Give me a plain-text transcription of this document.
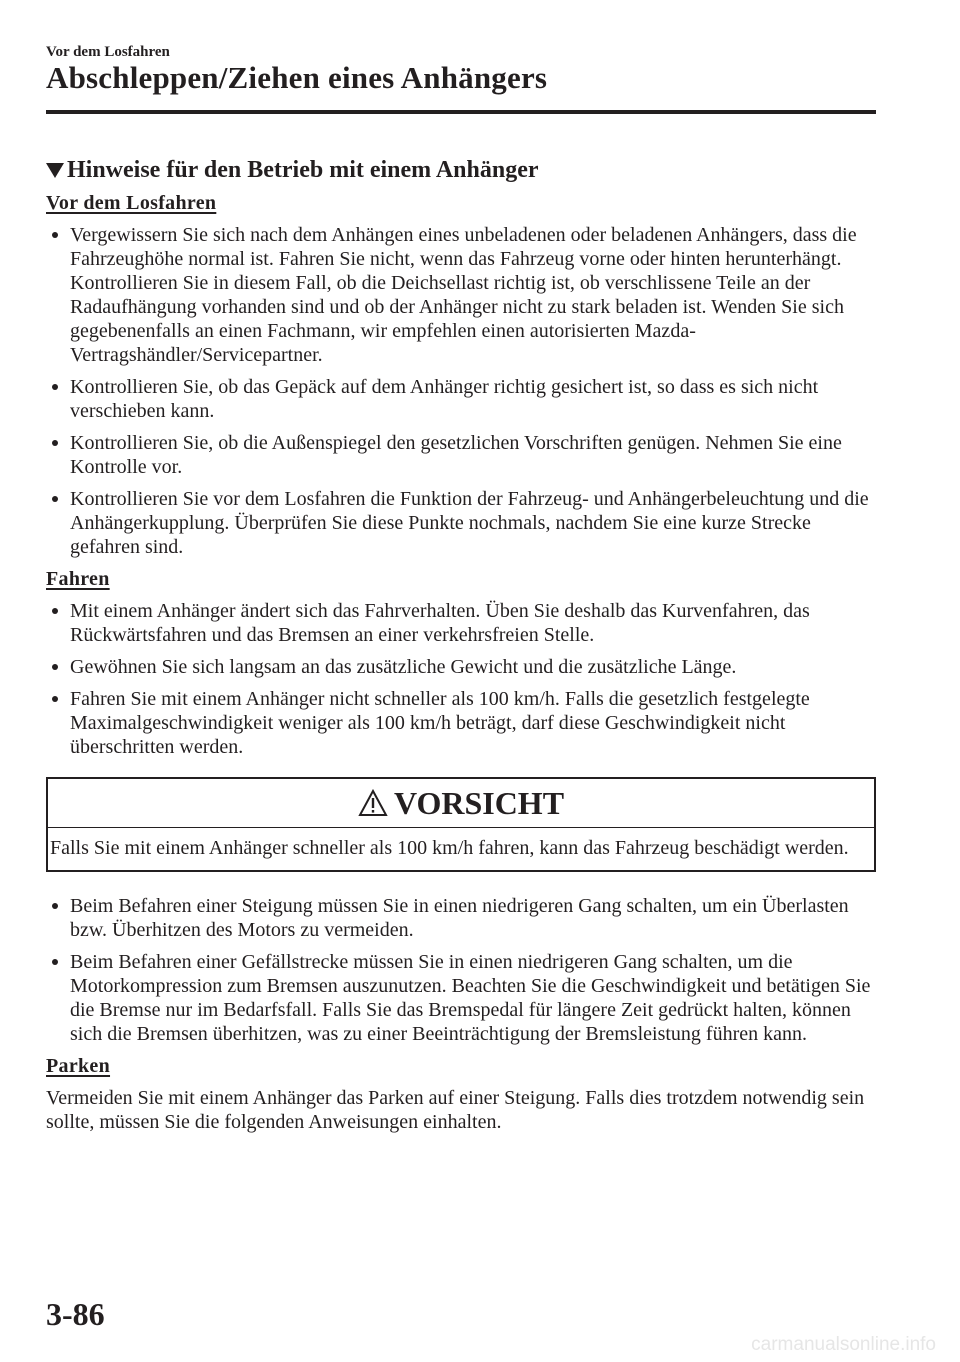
Vor dem Losfahren
Abschleppen/Ziehen eines Anhängers
Hinweise für den Betrieb mit einem Anhänger
Vor dem Losfahren
Vergewissern Sie sich nach dem Anhängen eines unbeladenen oder beladenen Anhängers, dass die Fahrzeughöhe normal ist. Fahren Sie nicht, wenn das Fahrzeug vorne oder hinten herunterhängt. Kontrollieren Sie in diesem Fall, ob die Deichsellast richtig ist, ob verschlissene Teile an der Radaufhängung vorhanden sind und ob der Anhänger nicht zu stark beladen ist. Wenden Sie sich gegebenenfalls an einen Fachmann, wir empfehlen einen autorisierten Mazda-Vertragshändler/Servicepartner.
Kontrollieren Sie, ob das Gepäck auf dem Anhänger richtig gesichert ist, so dass es sich nicht verschieben kann.
Kontrollieren Sie, ob die Außenspiegel den gesetzlichen Vorschriften genügen. Nehmen Sie eine Kontrolle vor.
Kontrollieren Sie vor dem Losfahren die Funktion der Fahrzeug- und Anhängerbeleuchtung und die Anhängerkupplung. Überprüfen Sie diese Punkte nochmals, nachdem Sie eine kurze Strecke gefahren sind.
Fahren
Mit einem Anhänger ändert sich das Fahrverhalten. Üben Sie deshalb das Kurvenfahren, das Rückwärtsfahren und das Bremsen an einer verkehrsfreien Stelle.
Gewöhnen Sie sich langsam an das zusätzliche Gewicht und die zusätzliche Länge.
Fahren Sie mit einem Anhänger nicht schneller als 100 km/h. Falls die gesetzlich festgelegte Maximalgeschwindigkeit weniger als 100 km/h beträgt, darf diese Geschwindigkeit nicht überschritten werden.
VORSICHT
Falls Sie mit einem Anhänger schneller als 100 km/h fahren, kann das Fahrzeug beschädigt werden.
Beim Befahren einer Steigung müssen Sie in einen niedrigeren Gang schalten, um ein Überlasten bzw. Überhitzen des Motors zu vermeiden.
Beim Befahren einer Gefällstrecke müssen Sie in einen niedrigeren Gang schalten, um die Motorkompression zum Bremsen auszunutzen. Beachten Sie die Geschwindigkeit und betätigen Sie die Bremse nur im Bedarfsfall. Falls Sie das Bremspedal für längere Zeit gedrückt halten, können sich die Bremsen überhitzen, was zu einer Beeinträchtigung der Bremsleistung führen kann.
Parken

Vermeiden Sie mit einem Anhänger das Parken auf einer Steigung. Falls dies trotzdem notwendig sein sollte, müssen Sie die folgenden Anweisungen einhalten.

3-86
carmanualsonline.info
